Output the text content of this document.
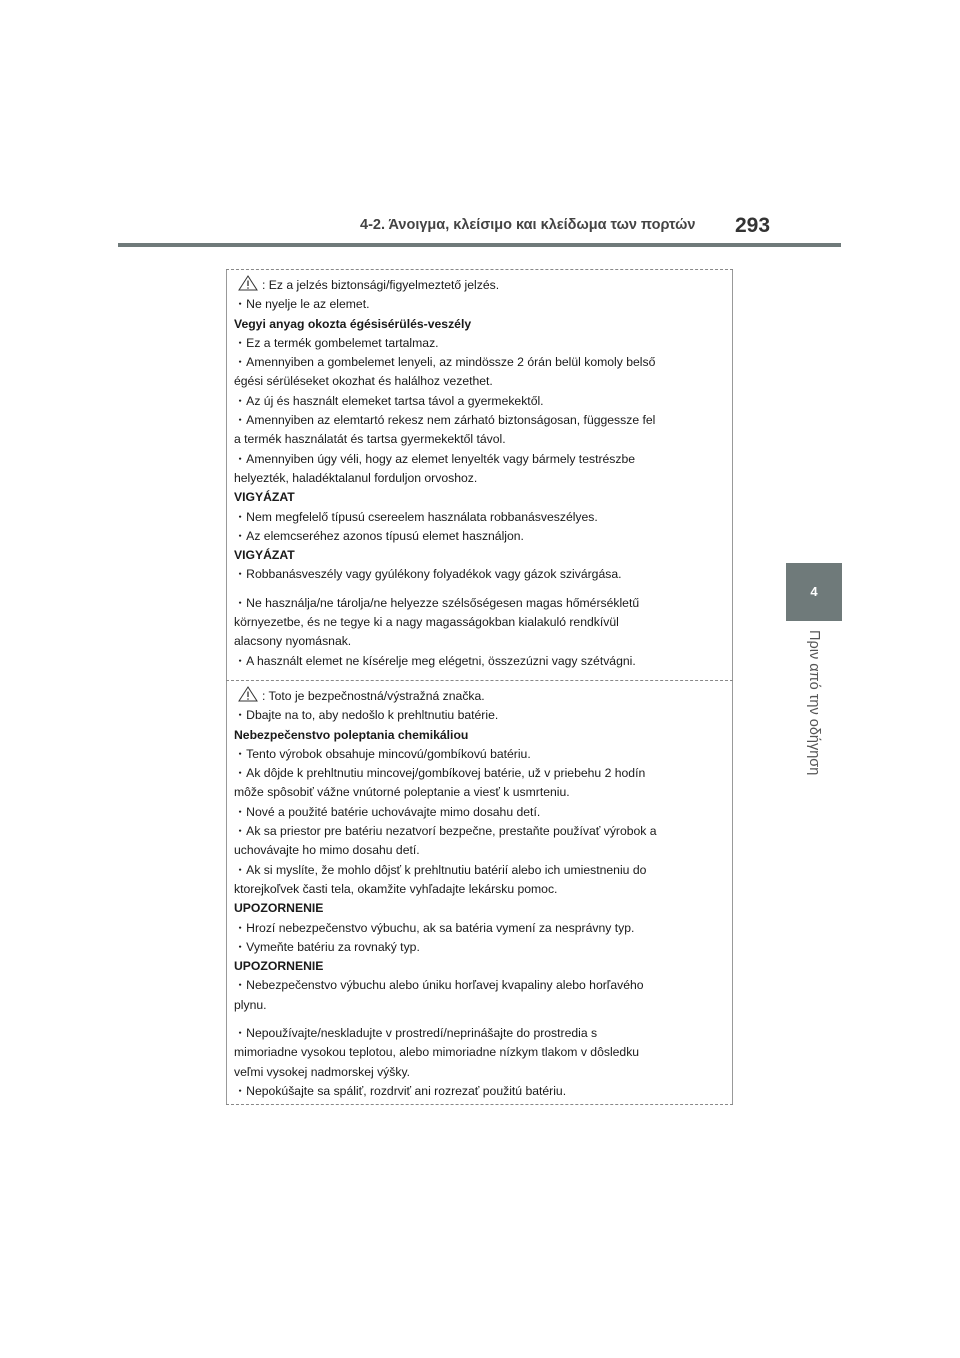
4-2. Άνοιγμα, κλείσιμο και κλείδωμα των πορτών 293
4
Πριν από την οδήγηση
: Ez a jelzés biztonsági/figyelmeztető jelzés.
・Ne nyelje le az elemet.
Vegyi anyag okozta égésisérülés-veszély
・Ez a termék gombelemet tartalmaz.
・Amennyiben a gombelemet lenyeli, az mindössze 2 órán belül komoly belső
égési sérüléseket okozhat és halálhoz vezethet.
・Az új és használt elemeket tartsa távol a gyermekektől.
・Amennyiben az elemtartó rekesz nem zárható biztonságosan, függessze fel
a termék használatát és tartsa gyermekektől távol.
・Amennyiben úgy véli, hogy az elemet lenyelték vagy bármely testrészbe
helyezték, haladéktalanul forduljon orvoshoz.
VIGYÁZAT
・Nem megfelelő típusú csereelem használata robbanásveszélyes.
・Az elemcseréhez azonos típusú elemet használjon.
VIGYÁZAT
・Robbanásveszély vagy gyúlékony folyadékok vagy gázok szivárgása.
・Ne használja/ne tárolja/ne helyezze szélsőségesen magas hőmérsékletű
környezetbe, és ne tegye ki a nagy magasságokban kialakuló rendkívül
alacsony nyomásnak.
・A használt elemet ne kísérelje meg elégetni, összezúzni vagy szétvágni.
: Toto je bezpečnostná/výstražná značka.
・Dbajte na to, aby nedošlo k prehltnutiu batérie.
Nebezpečenstvo poleptania chemikáliou
・Tento výrobok obsahuje mincovú/gombíkovú batériu.
・Ak dôjde k prehltnutiu mincovej/gombíkovej batérie, už v priebehu 2 hodín
môže spôsobiť vážne vnútorné poleptanie a viesť k usmrteniu.
・Nové a použité batérie uchovávajte mimo dosahu detí.
・Ak sa priestor pre batériu nezatvorí bezpečne, prestaňte používať výrobok a
uchovávajte ho mimo dosahu detí.
・Ak si myslíte, že mohlo dôjsť k prehltnutiu batérií alebo ich umiestneniu do
ktorejkoľvek časti tela, okamžite vyhľadajte lekársku pomoc.
UPOZORNENIE
・Hrozí nebezpečenstvo výbuchu, ak sa batéria vymení za nesprávny typ.
・Vymeňte batériu za rovnaký typ.
UPOZORNENIE
・Nebezpečenstvo výbuchu alebo úniku horľavej kvapaliny alebo horľavého
plynu.
・Nepoužívajte/neskladujte v prostredí/neprinášajte do prostredia s
mimoriadne vysokou teplotou, alebo mimoriadne nízkym tlakom v dôsledku
veľmi vysokej nadmorskej výšky.
・Nepokúšajte sa spáliť, rozdrviť ani rozrezať použitú batériu.
